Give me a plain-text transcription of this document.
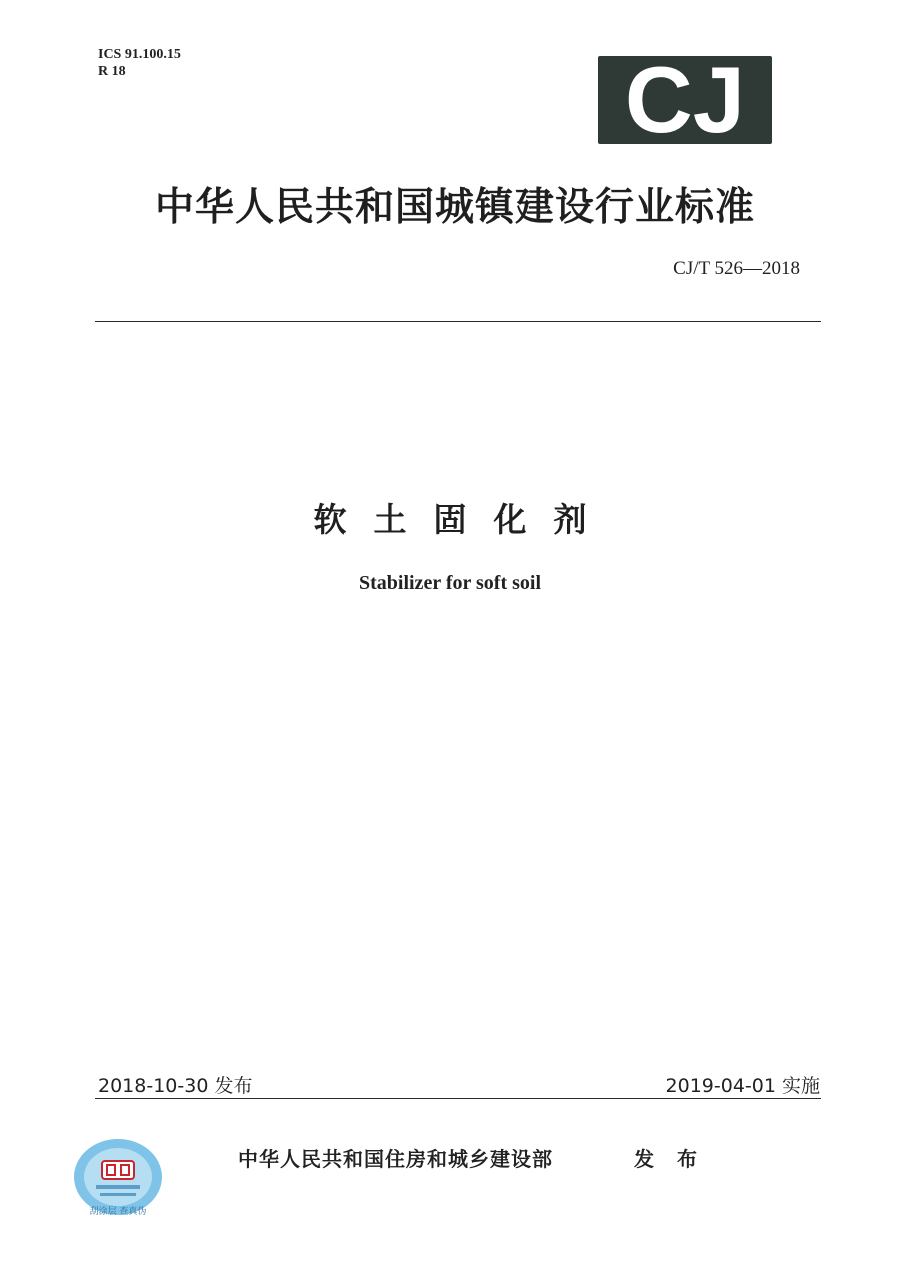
ICS 91.100.15
R 18	CJ
中华人民共和国城镇建设行业标准
CJ/T 526—2018
软土固化剂
Stabilizer for soft soil
2018-10-30 发布	2019-04-01 实施
刮涂层 查真伪
中华人民共和国住房和城乡建设部	发 布
